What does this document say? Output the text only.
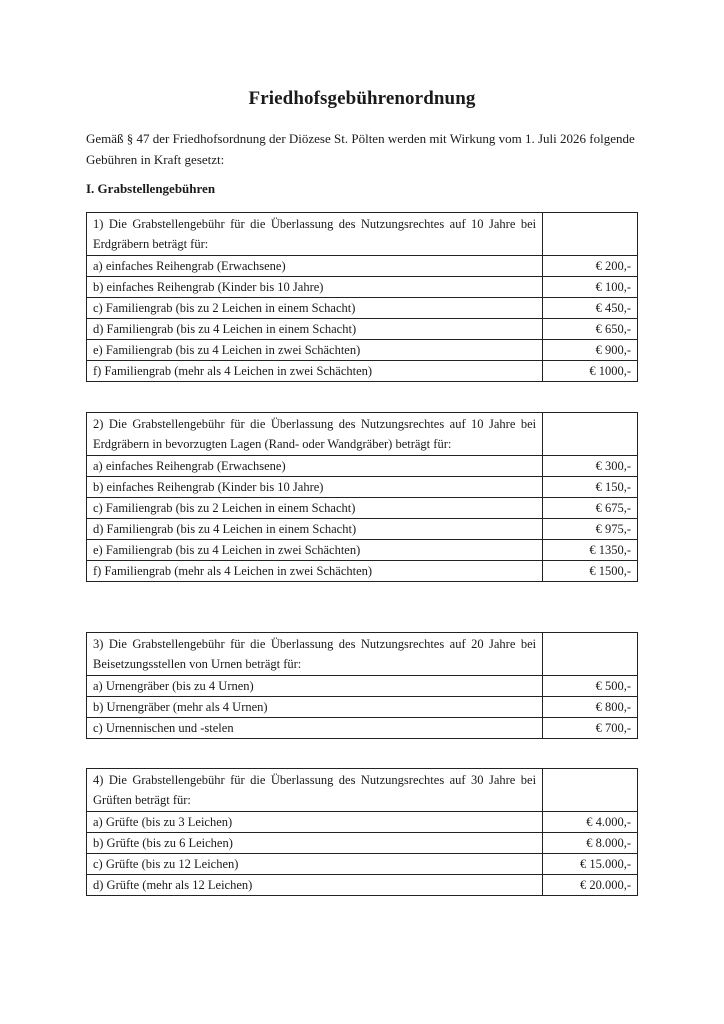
Friedhofsgebührenordnung
Gemäß § 47 der Friedhofsordnung der Diözese St. Pölten werden mit Wirkung vom 1. Juli 2026 folgende Gebühren in Kraft gesetzt:
I. Grabstellengebühren
1) Die Grabstellengebühr für die Überlassung des Nutzungsrechtes auf 10 Jahre bei Erdgräbern beträgt für:	
a) einfaches Reihengrab (Erwachsene)	€ 200,-
b) einfaches Reihengrab (Kinder bis 10 Jahre)	€ 100,-
c) Familiengrab (bis zu 2 Leichen in einem Schacht)	€ 450,-
d) Familiengrab (bis zu 4 Leichen in einem Schacht)	€ 650,-
e) Familiengrab (bis zu 4 Leichen in zwei Schächten)	€ 900,-
f) Familiengrab (mehr als 4 Leichen in zwei Schächten)	€ 1000,-
2) Die Grabstellengebühr für die Überlassung des Nutzungsrechtes auf 10 Jahre bei Erdgräbern in bevorzugten Lagen (Rand- oder Wandgräber) beträgt für:	
a) einfaches Reihengrab (Erwachsene)	€ 300,-
b) einfaches Reihengrab (Kinder bis 10 Jahre)	€ 150,-
c) Familiengrab (bis zu 2 Leichen in einem Schacht)	€ 675,-
d) Familiengrab (bis zu 4 Leichen in einem Schacht)	€ 975,-
e) Familiengrab (bis zu 4 Leichen in zwei Schächten)	€ 1350,-
f) Familiengrab (mehr als 4 Leichen in zwei Schächten)	€ 1500,-
3) Die Grabstellengebühr für die Überlassung des Nutzungsrechtes auf 20 Jahre bei Beisetzungsstellen von Urnen beträgt für:	
a) Urnengräber (bis zu 4 Urnen)	€ 500,-
b) Urnengräber (mehr als 4 Urnen)	€ 800,-
c) Urnennischen und -stelen	€ 700,-
4) Die Grabstellengebühr für die Überlassung des Nutzungsrechtes auf 30 Jahre bei Grüften beträgt für:	
a) Grüfte (bis zu 3 Leichen)	€ 4.000,-
b) Grüfte (bis zu 6 Leichen)	€ 8.000,-
c) Grüfte (bis zu 12 Leichen)	€ 15.000,-
d) Grüfte (mehr als 12 Leichen)	€ 20.000,-
